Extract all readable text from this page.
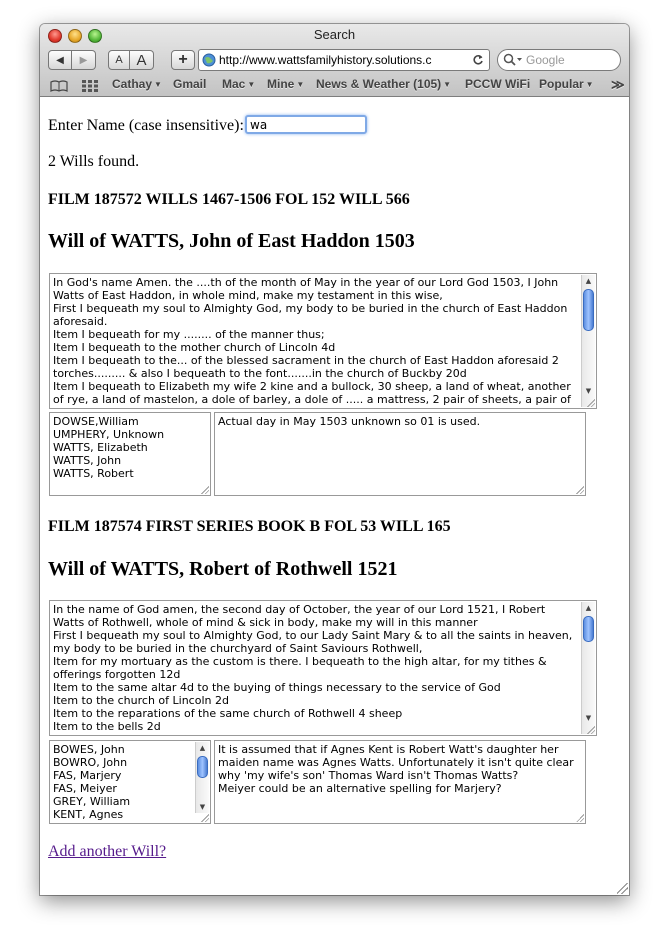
Search
◀	▶	A A	+	http://www.wattsfamilyhistory.solutions.c	Google
Cathay ▼ Gmail Mac ▼ Mine ▼ News & Weather (105) ▼ PCCW WiFi Popular ▼ ≫
Enter Name (case insensitive):
wa
2 Wills found.
FILM 187572 WILLS 1467-1506 FOL 152 WILL 566
Will of WATTS, John of East Haddon 1503
In God's name Amen. the ....th of the month of May in the year of our Lord God 1503, I John Watts of East Haddon, in whole mind, make my testament in this wise,
First I bequeath my soul to Almighty God, my body to be buried in the church of East Haddon aforesaid.
Item I bequeath for my ........ of the manner thus;
Item I bequeath to the mother church of Lincoln 4d
Item I bequeath to the... of the blessed sacrament in the church of East Haddon aforesaid 2 torches......... & also I bequeath to the font.......in the church of Buckby 20d
Item I bequeath to Elizabeth my wife 2 kine and a bullock, 30 sheep, a land of wheat, another of rye, a land of mastelon, a dole of barley, a dole of ..... a mattress, 2 pair of sheets, a pair of
▲
▼
DOWSE,William
UMPHERY, Unknown
WATTS, Elizabeth
WATTS, John
WATTS, Robert
Actual day in May 1503 unknown so 01 is used.
FILM 187574 FIRST SERIES BOOK B FOL 53 WILL 165
Will of WATTS, Robert of Rothwell 1521
In the name of God amen, the second day of October, the year of our Lord 1521, I Robert Watts of Rothwell, whole of mind & sick in body, make my will in this manner
First I bequeath my soul to Almighty God, to our Lady Saint Mary & to all the saints in heaven, my body to be buried in the churchyard of Saint Saviours Rothwell,
Item for my mortuary as the custom is there. I bequeath to the high altar, for my tithes & offerings forgotten 12d
Item to the same altar 4d to the buying of things necessary to the service of God
Item to the church of Lincoln 2d
Item to the reparations of the same church of Rothwell 4 sheep
Item to the bells 2d
▲
▼
BOWES, John
BOWRO, John
FAS, Marjery
FAS, Meiyer
GREY, William
KENT, Agnes
▲
▼
It is assumed that if Agnes Kent is Robert Watt's daughter her maiden name was Agnes Watts. Unfortunately it isn't quite clear why 'my wife's son' Thomas Ward isn't Thomas Watts?
Meiyer could be an alternative spelling for Marjery?
Add another Will?
